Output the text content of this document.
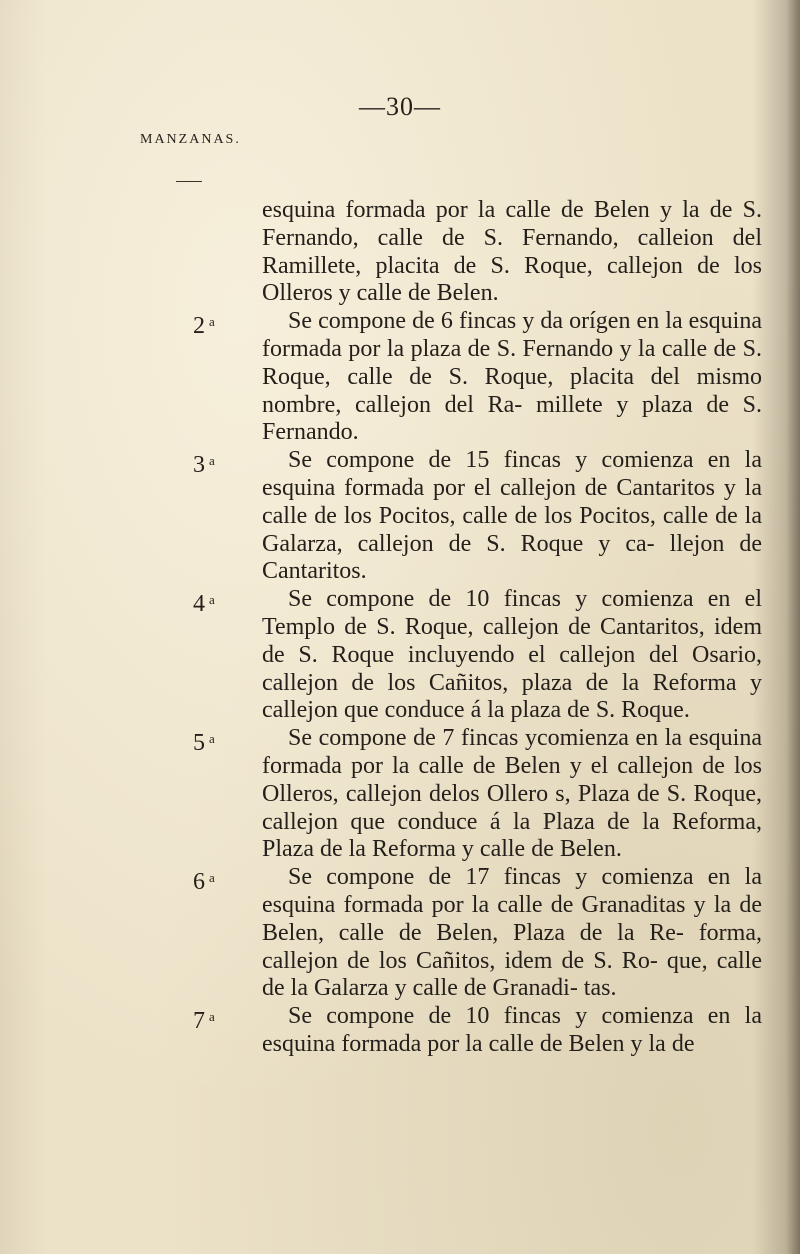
—30—
MANZANAS.
esquina formada por la calle de Belen y la de S. Fernando, calle de S. Fernando, calleion del Ramillete, placita de S. Roque, callejon de los Olleros y calle de Belen.
2 $^a$	Se compone de 6 fincas y da orígen en la esquina formada por la plaza de S. Fernando y la calle de S. Roque, calle de S. Roque, placita del mismo nombre, callejon del Ra- millete y plaza de S. Fernando.
3 $^a$	Se compone de 15 fincas y comienza en la esquina formada por el callejon de Cantaritos y la calle de los Pocitos, calle de los Pocitos, calle de la Galarza, callejon de S. Roque y ca- llejon de Cantaritos.
4 $^a$	Se compone de 10 fincas y comienza en el Templo de S. Roque, callejon de Cantaritos, idem de S. Roque incluyendo el callejon del Osario, callejon de los Cañitos, plaza de la Reforma y callejon que conduce á la plaza de S. Roque.
5 $^a$	Se compone de 7 fincas ycomienza en la esquina formada por la calle de Belen y el callejon de los Olleros, callejon delos Ollero s, Plaza de S. Roque, callejon que conduce á la Plaza de la Reforma, Plaza de la Reforma y calle de Belen.
6 $^a$	Se compone de 17 fincas y comienza en la esquina formada por la calle de Granaditas y la de Belen, calle de Belen, Plaza de la Re- forma, callejon de los Cañitos, idem de S. Ro- que, calle de la Galarza y calle de Granadi- tas.
7 $^a$	Se compone de 10 fincas y comienza en la esquina formada por la calle de Belen y la de
